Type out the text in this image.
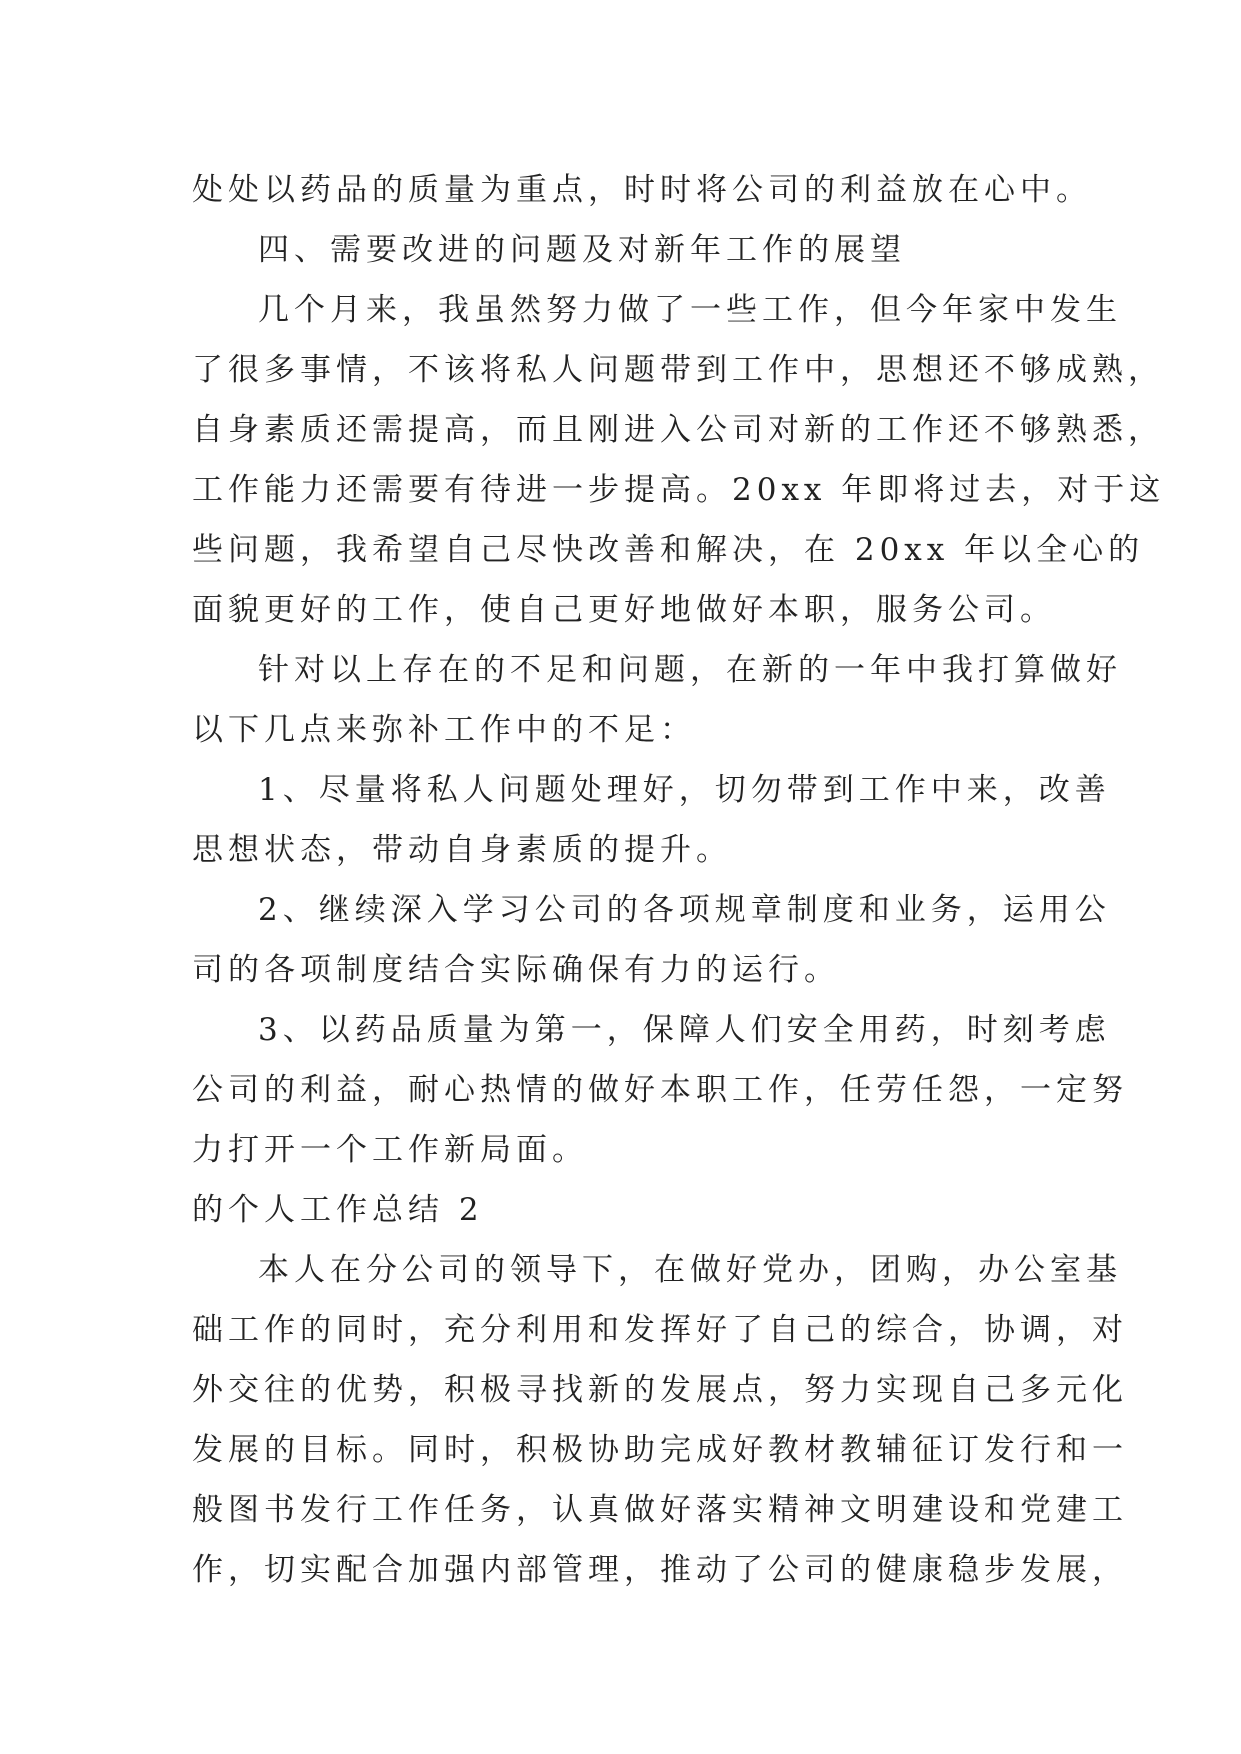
处处以药品的质量为重点，时时将公司的利益放在心中。
四、需要改进的问题及对新年工作的展望
几个月来，我虽然努力做了一些工作，但今年家中发生
了很多事情，不该将私人问题带到工作中，思想还不够成熟，
自身素质还需提高，而且刚进入公司对新的工作还不够熟悉，
工作能力还需要有待进一步提高。20xx 年即将过去，对于这
些问题，我希望自己尽快改善和解决，在 20xx 年以全心的
面貌更好的工作，使自己更好地做好本职，服务公司。
针对以上存在的不足和问题，在新的一年中我打算做好
以下几点来弥补工作中的不足：
1、尽量将私人问题处理好，切勿带到工作中来，改善
思想状态，带动自身素质的提升。
2、继续深入学习公司的各项规章制度和业务，运用公
司的各项制度结合实际确保有力的运行。
3、以药品质量为第一，保障人们安全用药，时刻考虑
公司的利益，耐心热情的做好本职工作，任劳任怨，一定努
力打开一个工作新局面。
的个人工作总结 2
本人在分公司的领导下，在做好党办，团购，办公室基
础工作的同时，充分利用和发挥好了自己的综合，协调，对
外交往的优势，积极寻找新的发展点，努力实现自己多元化
发展的目标。同时，积极协助完成好教材教辅征订发行和一
般图书发行工作任务，认真做好落实精神文明建设和党建工
作，切实配合加强内部管理，推动了公司的健康稳步发展，
